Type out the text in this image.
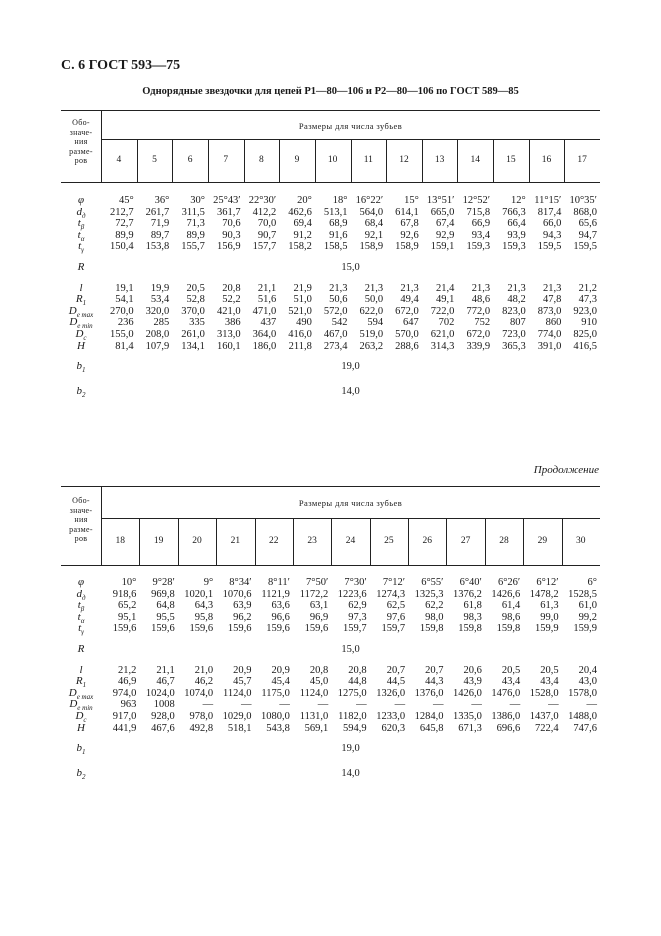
С. 6 ГОСТ 593—75
Однорядные звездочки для цепей Р1—80—106 и Р2—80—106 по ГОСТ 589—85
Продолжение
Обо-
значе-
ния
разме-
ров
Размеры для числа зубьев
4	5	6	7	8	9	10	11	12	13	14	15	16	17
φ	45°	36°	30° 25°43′ 22°30′	20°	18° 16°22′	15° 13°51′ 12°52′	12° 11°15′ 10°35′
$d_д$	212,7	261,7	311,5	361,7	412,2	462,6	513,1	564,0	614,1	665,0	715,8	766,3	817,4	868,0
$t_\beta$	72,7	71,9	71,3	70,6	70,0	69,4	68,9	68,4	67,8	67,4	66,9	66,4	66,0	65,6
$t_\alpha$	89,9	89,7	89,9	90,3	90,7	91,2	91,6	92,1	92,6	92,9	93,4	93,9	94,3	94,7
$t_\gamma$	150,4	153,8	155,7	156,9	157,7	158,2	158,5	158,9	158,9	159,1	159,3	159,3	159,5	159,5
R	15,0
l	19,1	19,9	20,5	20,8	21,1	21,9	21,3	21,3	21,3	21,4	21,3	21,3	21,3	21,2
$R_1$	54,1	53,4	52,8	52,2	51,6	51,0	50,6	50,0	49,4	49,1	48,6	48,2	47,8	47,3
$D_{e max}$	270,0	320,0	370,0	421,0	471,0	521,0	572,0	622,0	672,0	722,0	772,0	823,0	873,0	923,0
$D_{e min}$	236	285	335	386	437	490	542	594	647	702	752	807	860	910
$D_c$	155,0	208,0	261,0	313,0	364,0	416,0	467,0	519,0	570,0	621,0	672,0	723,0	774,0	825,0
H	81,4	107,9	134,1	160,1	186,0	211,8	273,4	263,2	288,6	314,3	339,9	365,3	391,0	416,5
$b_1$	19,0
$b_2$	14,0
Обо-
значе-
ния
разме-
ров
Размеры для числа зубьев
18	19	20	21	22	23	24	25	26	27	28	29	30
φ	10°	9°28′	9°	8°34′	8°11′	7°50′	7°30′	7°12′	6°55′	6°40′	6°26′	6°12′	6°
$d_д$	918,6	969,8 1020,1 1070,6 1121,9 1172,2 1223,6 1274,3 1325,3 1376,2 1426,6 1478,2 1528,5
$t_\beta$	65,2	64,8	64,3	63,9	63,6	63,1	62,9	62,5	62,2	61,8	61,4	61,3	61,0
$t_\alpha$	95,1	95,5	95,8	96,2	96,6	96,9	97,3	97,6	98,0	98,3	98,6	99,0	99,2
$t_\gamma$	159,6	159,6	159,6	159,6	159,6	159,6	159,7	159,7	159,8	159,8	159,8	159,9	159,9
R	15,0
l	21,2	21,1	21,0	20,9	20,9	20,8	20,8	20,7	20,7	20,6	20,5	20,5	20,4
$R_1$	46,9	46,7	46,2	45,7	45,4	45,0	44,8	44,5	44,3	43,9	43,4	43,4	43,0
$D_{e max}$	974,0 1024,0 1074,0 1124,0 1175,0 1124,0 1275,0 1326,0 1376,0 1426,0 1476,0 1528,0 1578,0
$D_{e min}$	963	1008	—	—	—	—	—	—	—	—	—	—	—
$D_c$	917,0	928,0	978,0 1029,0 1080,0 1131,0 1182,0 1233,0 1284,0 1335,0 1386,0 1437,0 1488,0
H	441,9	467,6	492,8	518,1	543,8	569,1	594,9	620,3	645,8	671,3	696,6	722,4	747,6
$b_1$	19,0
$b_2$	14,0
